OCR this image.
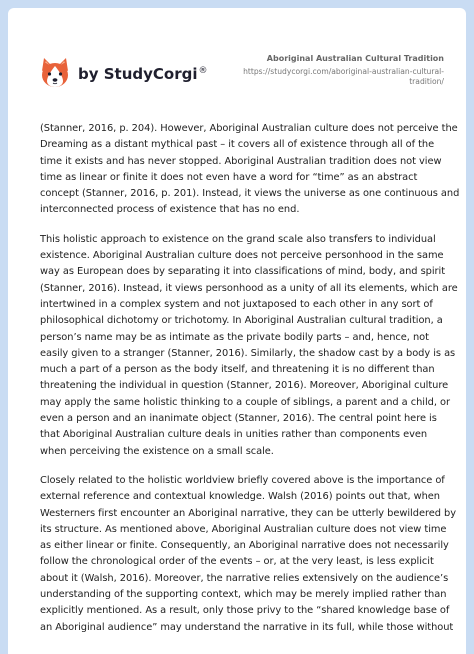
by StudyCorgi®
Aboriginal Australian Cultural Tradition
https://studycorgi.com/aboriginal-australian-cultural-
tradition/

(Stanner, 2016, p. 204). However, Aboriginal Australian culture does not perceive the
Dreaming as a distant mythical past – it covers all of existence through all of the
time it exists and has never stopped. Aboriginal Australian tradition does not view
time as linear or finite it does not even have a word for “time” as an abstract
concept (Stanner, 2016, p. 201). Instead, it views the universe as one continuous and
interconnected process of existence that has no end.

This holistic approach to existence on the grand scale also transfers to individual
existence. Aboriginal Australian culture does not perceive personhood in the same
way as European does by separating it into classifications of mind, body, and spirit
(Stanner, 2016). Instead, it views personhood as a unity of all its elements, which are
intertwined in a complex system and not juxtaposed to each other in any sort of
philosophical dichotomy or trichotomy. In Aboriginal Australian cultural tradition, a
person’s name may be as intimate as the private bodily parts – and, hence, not
easily given to a stranger (Stanner, 2016). Similarly, the shadow cast by a body is as
much a part of a person as the body itself, and threatening it is no different than
threatening the individual in question (Stanner, 2016). Moreover, Aboriginal culture
may apply the same holistic thinking to a couple of siblings, a parent and a child, or
even a person and an inanimate object (Stanner, 2016). The central point here is
that Aboriginal Australian culture deals in unities rather than components even
when perceiving the existence on a small scale.

Closely related to the holistic worldview briefly covered above is the importance of
external reference and contextual knowledge. Walsh (2016) points out that, when
Westerners first encounter an Aboriginal narrative, they can be utterly bewildered by
its structure. As mentioned above, Aboriginal Australian culture does not view time
as either linear or finite. Consequently, an Aboriginal narrative does not necessarily
follow the chronological order of the events – or, at the very least, is less explicit
about it (Walsh, 2016). Moreover, the narrative relies extensively on the audience’s
understanding of the supporting context, which may be merely implied rather than
explicitly mentioned. As a result, only those privy to the “shared knowledge base of
an Aboriginal audience” may understand the narrative in its full, while those without
